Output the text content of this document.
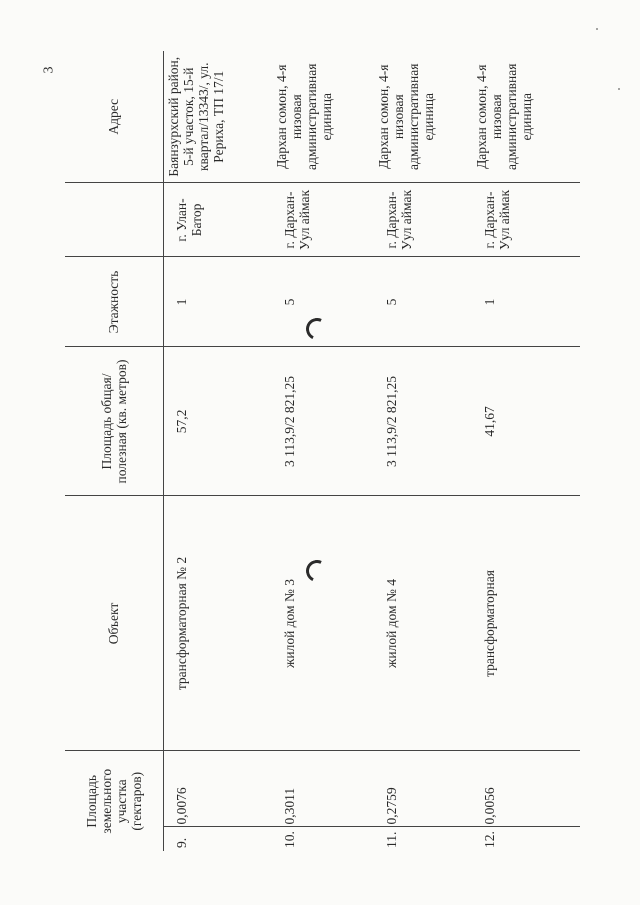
3
Площадь земельного участка (гектаров)		Объект	Площадь общая/полезная (кв. метров)	Этажность		Адрес
9.	0,0076	трансформаторная № 2	57,2	1	г. Улан-Батор	Баянзурхский район, 5-й участок, 15-й квартал/13343/, ул. Рериха, ТП 17/1
10.	0,3011	жилой дом № 3	3 113,9/2 821,25	5	г. Дархан-Уул аймак	Дархан сомон, 4-я низовая административная единица
11.	0,2759	жилой дом № 4	3 113,9/2 821,25	5	г. Дархан-Уул аймак	Дархан сомон, 4-я низовая административная единица
12.	0,0056	трансформаторная	41,67	1	г. Дархан-Уул аймак	Дархан сомон, 4-я низовая административная единица
